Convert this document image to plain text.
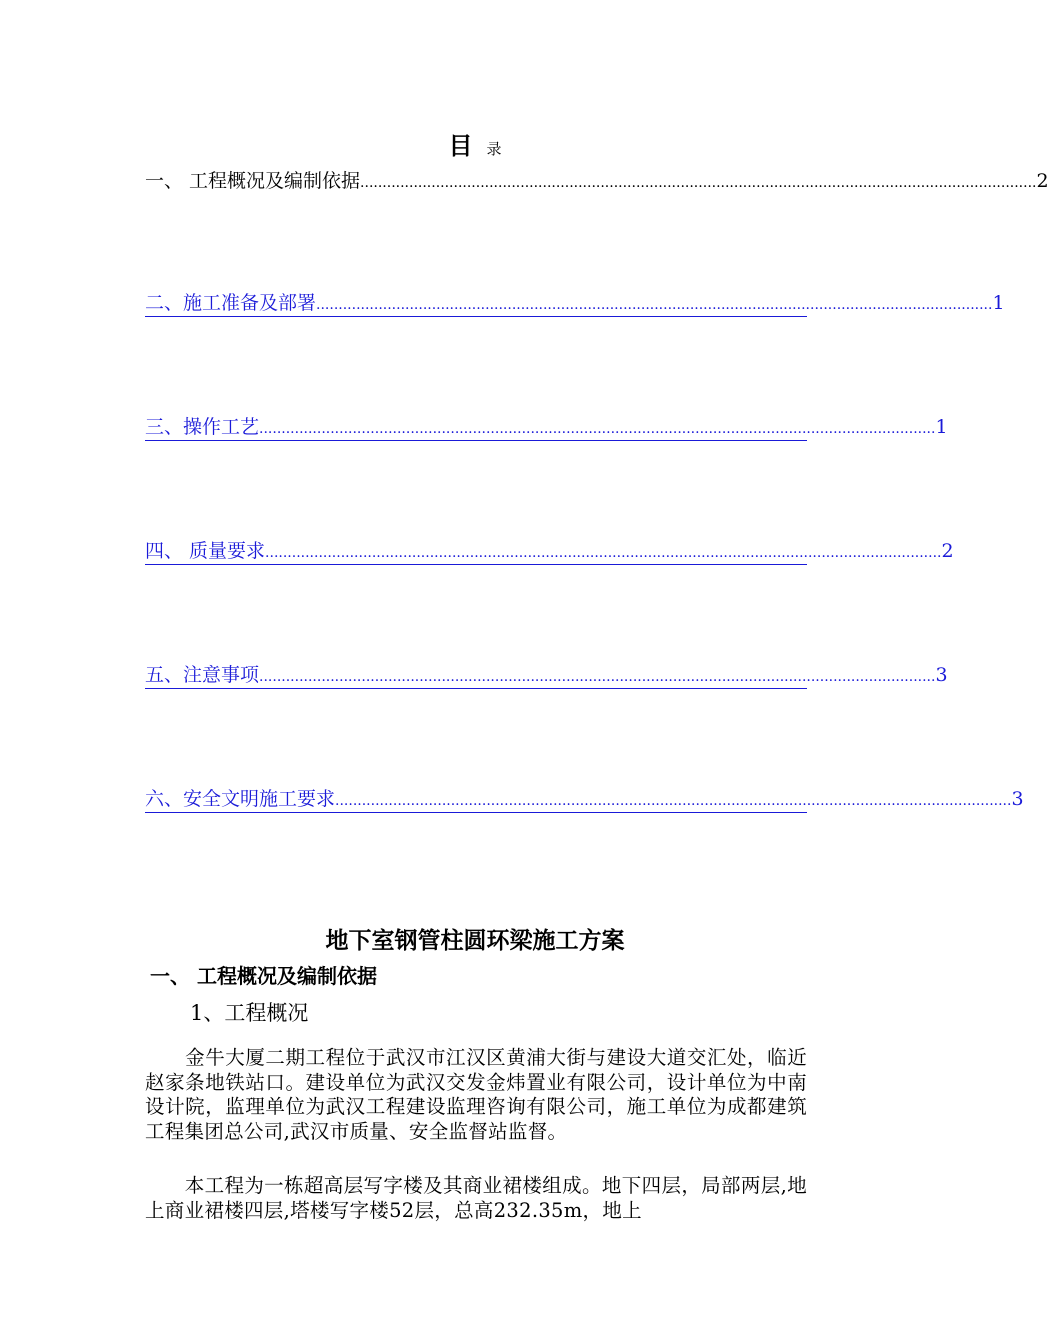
目录
一、 工程概况及编制依据 ........................................................................................................................................................ 2
二、施工准备及部署 ........................................................................................................................................................ 1
三、操作工艺 ........................................................................................................................................................ 1
四、 质量要求 ........................................................................................................................................................ 2
五、注意事项 ........................................................................................................................................................ 3
六、安全文明施工要求 ........................................................................................................................................................ 3
地下室钢管柱圆环梁施工方案
一、 工程概况及编制依据
1、工程概况
　　金牛大厦二期工程位于武汉市江汉区黄浦大街与建设大道交汇处，临近赵家条地铁站口。建设单位为武汉交发金炜置业有限公司，设计单位为中南设计院，监理单位为武汉工程建设监理咨询有限公司，施工单位为成都建筑工程集团总公司,武汉市质量、安全监督站监督。
　　本工程为一栋超高层写字楼及其商业裙楼组成。地下四层，局部两层,地上商业裙楼四层,塔楼写字楼52层，总高232.35m，地上
